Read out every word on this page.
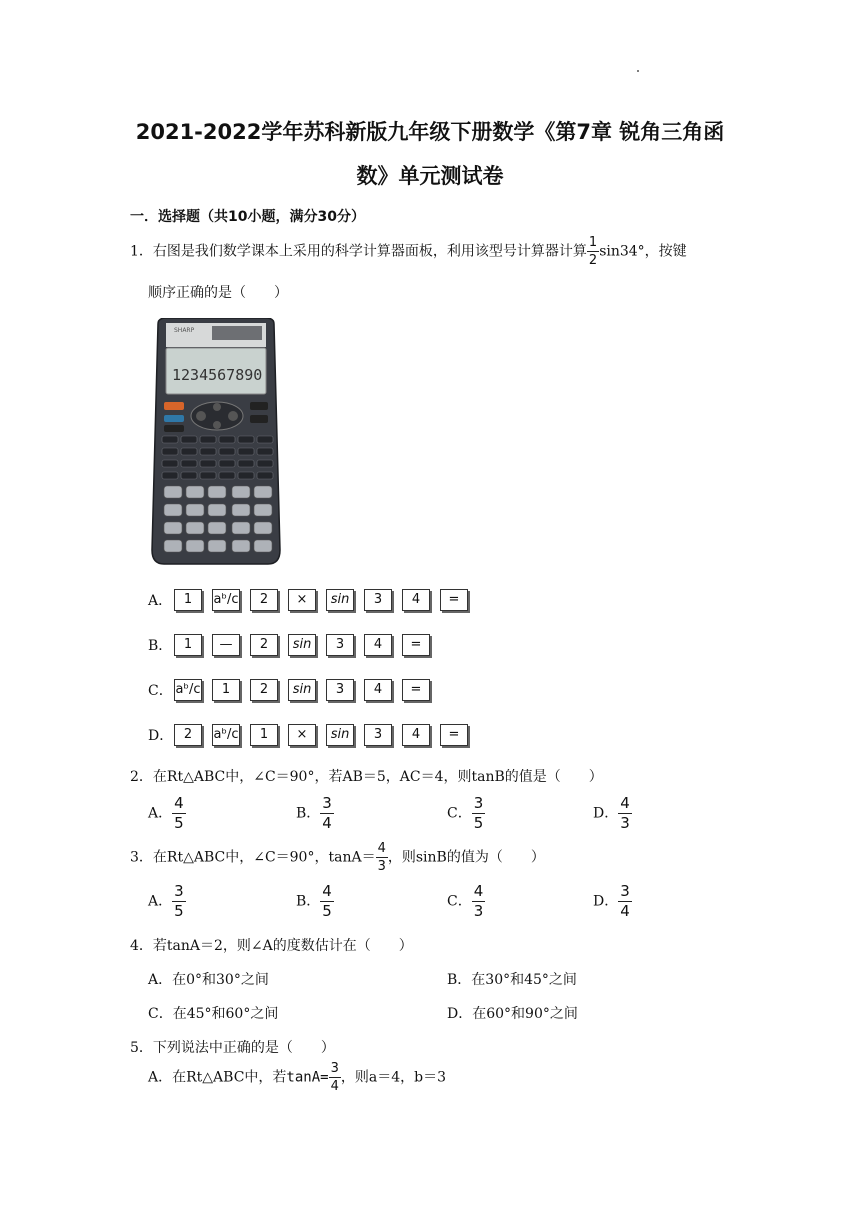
2021-2022学年苏科新版九年级下册数学《第7章 锐角三角函
数》单元测试卷
一．选择题（共10小题，满分30分）
1．右图是我们数学课本上采用的科学计算器面板，利用该型号计算器计算 $\frac{1}{2} \sin 34^\circ$，按键
顺序正确的是（　　）
SHARP
1234567890
A． 1 aᵇ/c 2 × sin 3 4 =
B． 1 — 2 sin 3 4 =
C． aᵇ/c 1 2 sin 3 4 =
D． 2 aᵇ/c 1 × sin 3 4 =
2．在Rt△ABC中，∠C＝90°，若AB＝5，AC＝4，则tanB的值是（　　）
A． $\frac{4}{5}$	B． $\frac{3}{4}$	C． $\frac{3}{5}$	D． $\frac{4}{3}$
3．在Rt△ABC中，∠C＝90°，$\tan A= \frac{4}{3}$ ，则sinB的值为（　　）
A． $\frac{3}{5}$	B． $\frac{4}{5}$	C． $\frac{4}{3}$	D． $\frac{3}{4}$
4．若tanA＝2，则∠A的度数估计在（　　）
A．在0°和30°之间	B．在30°和45°之间
C．在45°和60°之间	D．在60°和90°之间
5．下列说法中正确的是（　　）
A．在Rt△ABC中，若$\tan A= \frac{3}{4}$ ，则a＝4，b＝3
